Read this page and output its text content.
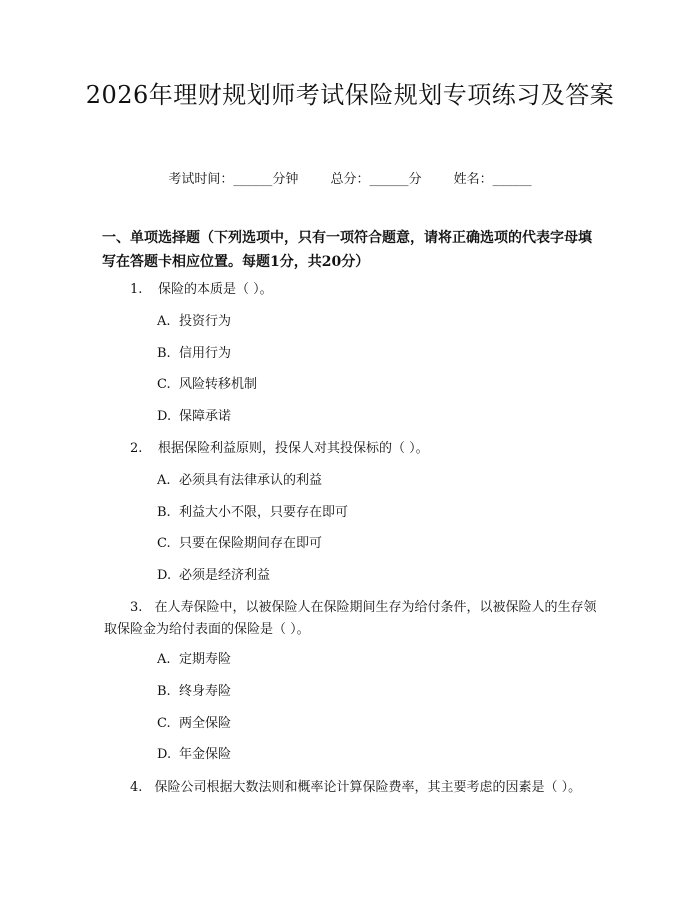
2026年理财规划师考试保险规划专项练习及答案
考试时间：______分钟 总分：______分 姓名：______
一、单项选择题（下列选项中，只有一项符合题意，请将正确选项的代表字母填写在答题卡相应位置。每题1分，共20分）
1. 保险的本质是（ ）。
A. 投资行为
B. 信用行为
C. 风险转移机制
D. 保障承诺
2. 根据保险利益原则，投保人对其投保标的（ ）。
A. 必须具有法律承认的利益
B. 利益大小不限，只要存在即可
C. 只要在保险期间存在即可
D. 必须是经济利益
3. 在人寿保险中，以被保险人在保险期间生存为给付条件，以被保险人的生存领取保险金为给付表面的保险是（ ）。
A. 定期寿险
B. 终身寿险
C. 两全保险
D. 年金保险
4. 保险公司根据大数法则和概率论计算保险费率，其主要考虑的因素是（ ）。
